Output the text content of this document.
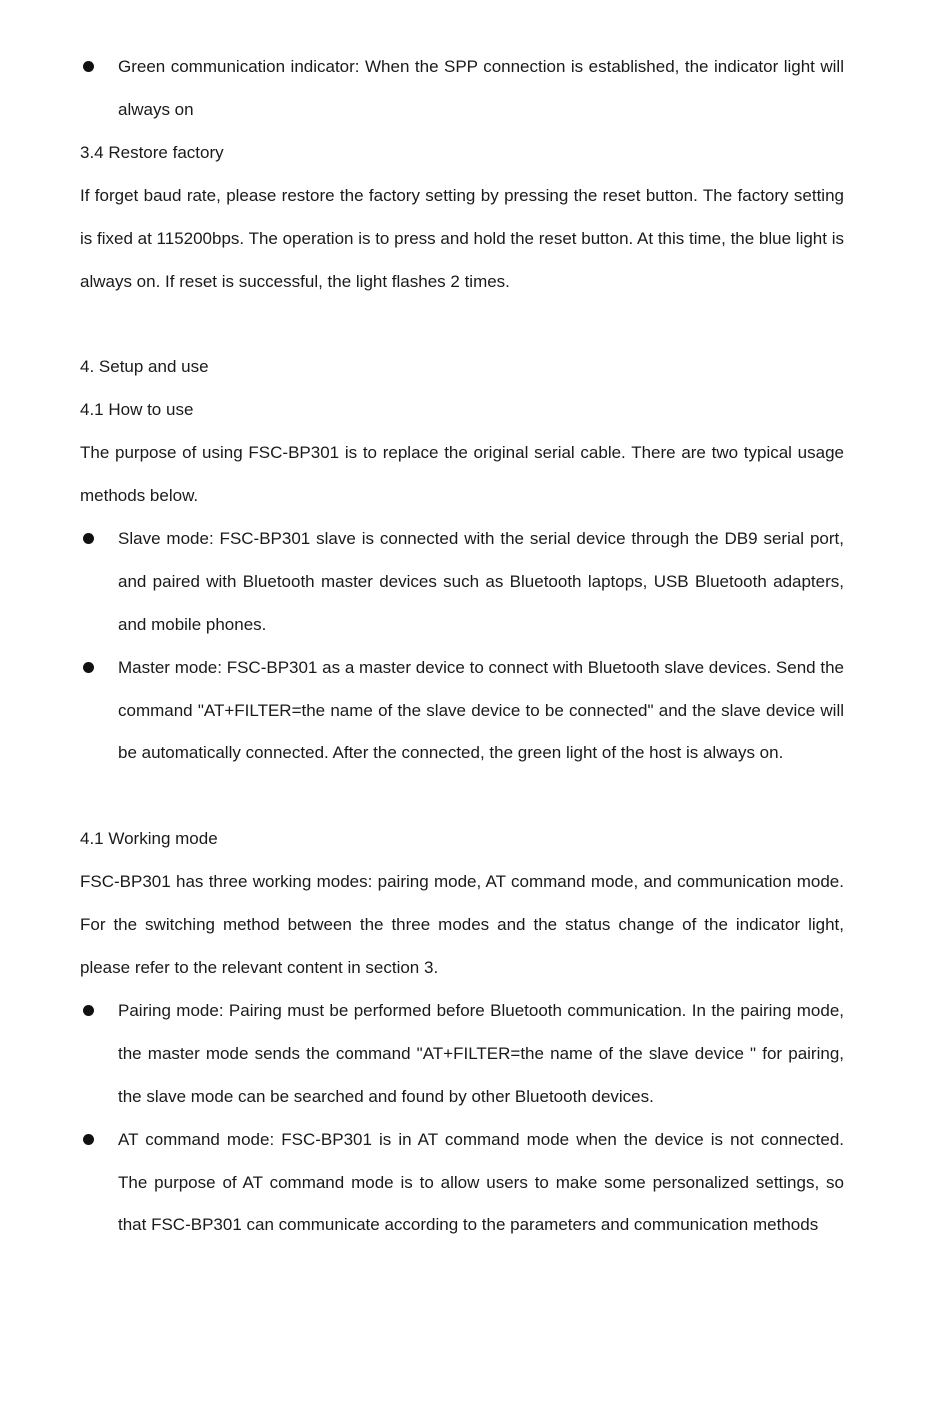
Green communication indicator: When the SPP connection is established, the indicator light will always on
3.4 Restore factory
If forget baud rate, please restore the factory setting by pressing the reset button. The factory setting is fixed at 115200bps. The operation is to press and hold the reset button. At this time, the blue light is always on. If reset is successful, the light flashes 2 times.
4. Setup and use
4.1 How to use
The purpose of using FSC-BP301 is to replace the original serial cable. There are two typical usage methods below.
Slave mode: FSC-BP301 slave is connected with the serial device through the DB9 serial port, and paired with Bluetooth master devices such as Bluetooth laptops, USB Bluetooth adapters, and mobile phones.
Master mode: FSC-BP301 as a master device to connect with Bluetooth slave devices. Send the command "AT+FILTER=the name of the slave device to be connected" and the slave device will be automatically connected. After the connected, the green light of the host is always on.
4.1 Working mode
FSC-BP301 has three working modes: pairing mode, AT command mode, and communication mode. For the switching method between the three modes and the status change of the indicator light, please refer to the relevant content in section 3.
Pairing mode: Pairing must be performed before Bluetooth communication. In the pairing mode, the master mode sends the command "AT+FILTER=the name of the slave device " for pairing, the slave mode can be searched and found by other Bluetooth devices.
AT command mode: FSC-BP301 is in AT command mode when the device is not connected. The purpose of AT command mode is to allow users to make some personalized settings, so that FSC-BP301 can communicate according to the parameters and communication methods
